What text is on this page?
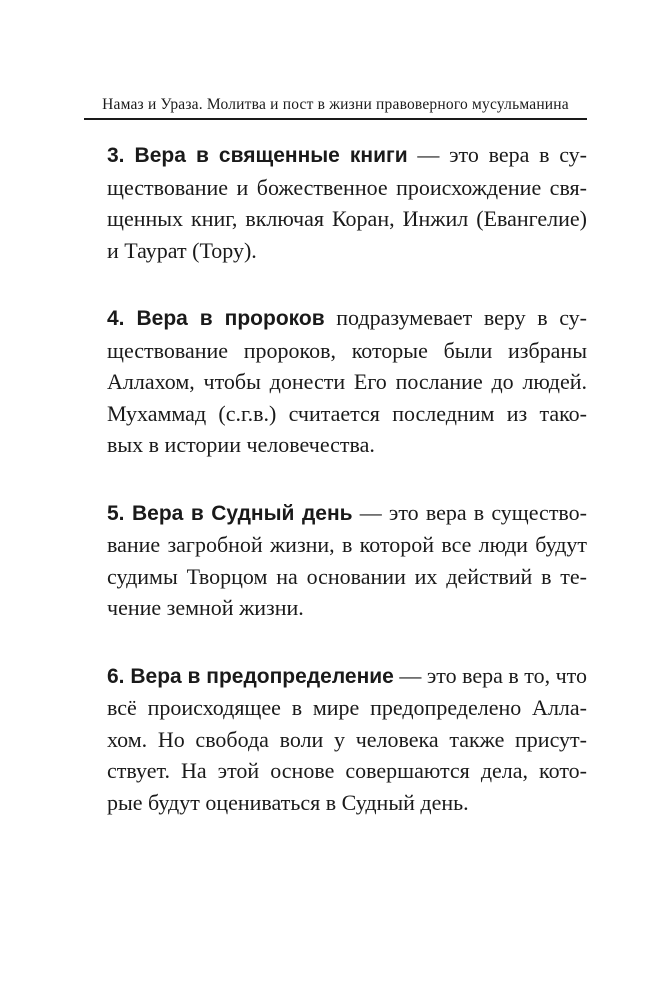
Намаз и Ураза. Молитва и пост в жизни правоверного мусульманина

3. Вера в священные книги — это вера в су-
ществование и божественное происхождение свя-
щенных книг, включая Коран, Инжил (Евангелие)
и Таурат (Тору).

4. Вера в пророков подразумевает веру в су-
ществование пророков, которые были избраны
Аллахом, чтобы донести Его послание до людей.
Мухаммад (с.г.в.) считается последним из тако-
вых в истории человечества.

5. Вера в Судный день — это вера в существо-
вание загробной жизни, в которой все люди будут
судимы Творцом на основании их действий в те-
чение земной жизни.

6. Вера в предопределение — это вера в то, что
всё происходящее в мире предопределено Алла-
хом. Но свобода воли у человека также присут-
ствует. На этой основе совершаются дела, кото-
рые будут оцениваться в Судный день.
